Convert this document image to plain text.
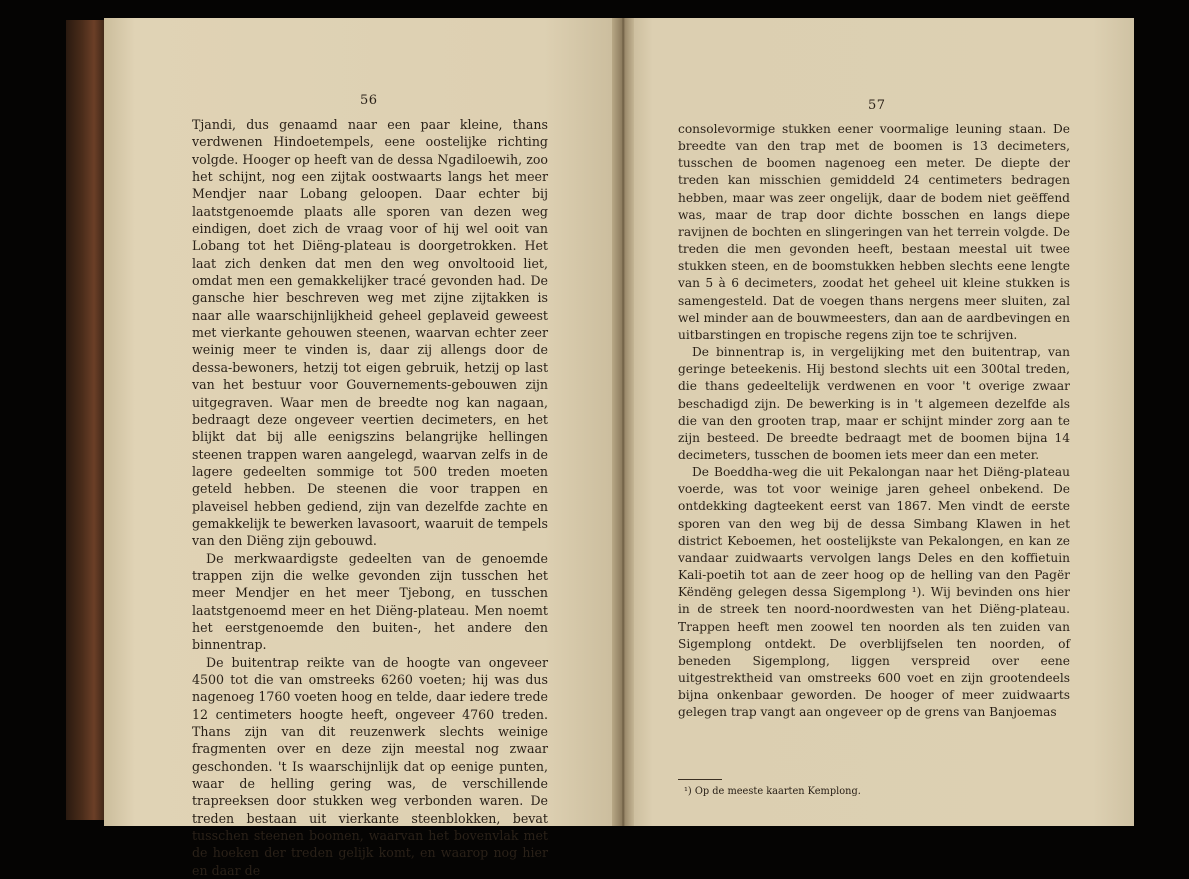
56

Tjandi, dus genaamd naar een paar kleine, thans verdwenen Hindoetempels, eene oostelijke richting volgde. Hooger op heeft van de dessa Ngadiloewih, zoo het schijnt, nog een zijtak oostwaarts langs het meer Mendjer naar Lobang geloopen. Daar echter bij laatstgenoemde plaats alle sporen van dezen weg eindigen, doet zich de vraag voor of hij wel ooit van Lobang tot het Diëng-plateau is doorgetrokken. Het laat zich denken dat men den weg onvoltooid liet, omdat men een gemakkelijker tracé gevonden had. De gansche hier beschreven weg met zijne zijtakken is naar alle waarschijnlijkheid geheel geplaveid geweest met vierkante gehouwen steenen, waarvan echter zeer weinig meer te vinden is, daar zij allengs door de dessa-bewoners, hetzij tot eigen gebruik, hetzij op last van het bestuur voor Gouvernements-gebouwen zijn uitgegraven. Waar men de breedte nog kan nagaan, bedraagt deze ongeveer veertien decimeters, en het blijkt dat bij alle eenigszins belangrijke hellingen steenen trappen waren aangelegd, waarvan zelfs in de lagere gedeelten sommige tot 500 treden moeten geteld hebben. De steenen die voor trappen en plaveisel hebben gediend, zijn van dezelfde zachte en gemakkelijk te bewerken lavasoort, waaruit de tempels van den Diëng zijn gebouwd.

De merkwaardigste gedeelten van de genoemde trappen zijn die welke gevonden zijn tusschen het meer Mendjer en het meer Tjebong, en tusschen laatstgenoemd meer en het Diëng-plateau. Men noemt het eerstgenoemde den buiten-, het andere den binnentrap.

De buitentrap reikte van de hoogte van ongeveer 4500 tot die van omstreeks 6260 voeten; hij was dus nagenoeg 1760 voeten hoog en telde, daar iedere trede 12 centimeters hoogte heeft, ongeveer 4760 treden. Thans zijn van dit reuzenwerk slechts weinige fragmenten over en deze zijn meestal nog zwaar geschonden. 't Is waarschijnlijk dat op eenige punten, waar de helling gering was, de verschillende trapreeksen door stukken weg verbonden waren. De treden bestaan uit vierkante steenblokken, bevat tusschen steenen boomen, waarvan het bovenvlak met de hoeken der treden gelijk komt, en waarop nog hier en daar de

57

consolevormige stukken eener voormalige leuning staan. De breedte van den trap met de boomen is 13 decimeters, tusschen de boomen nagenoeg een meter. De diepte der treden kan misschien gemiddeld 24 centimeters bedragen hebben, maar was zeer ongelijk, daar de bodem niet geëffend was, maar de trap door dichte bosschen en langs diepe ravijnen de bochten en slingeringen van het terrein volgde. De treden die men gevonden heeft, bestaan meestal uit twee stukken steen, en de boomstukken hebben slechts eene lengte van 5 à 6 decimeters, zoodat het geheel uit kleine stukken is samengesteld. Dat de voegen thans nergens meer sluiten, zal wel minder aan de bouwmeesters, dan aan de aardbevingen en uitbarstingen en tropische regens zijn toe te schrijven.

De binnentrap is, in vergelijking met den buitentrap, van geringe beteekenis. Hij bestond slechts uit een 300tal treden, die thans gedeeltelijk verdwenen en voor 't overige zwaar beschadigd zijn. De bewerking is in 't algemeen dezelfde als die van den grooten trap, maar er schijnt minder zorg aan te zijn besteed. De breedte bedraagt met de boomen bijna 14 decimeters, tusschen de boomen iets meer dan een meter.

De Boeddha-weg die uit Pekalongan naar het Diëng-plateau voerde, was tot voor weinige jaren geheel onbekend. De ontdekking dagteekent eerst van 1867. Men vindt de eerste sporen van den weg bij de dessa Simbang Klawen in het district Keboemen, het oostelijkste van Pekalongen, en kan ze vandaar zuidwaarts vervolgen langs Deles en den koffietuin Kali-poetih tot aan de zeer hoog op de helling van den Pagër Këndëng gelegen dessa Sigemplong ¹). Wij bevinden ons hier in de streek ten noord-noordwesten van het Diëng-plateau. Trappen heeft men zoowel ten noorden als ten zuiden van Sigemplong ontdekt. De overblijfselen ten noorden, of beneden Sigemplong, liggen verspreid over eene uitgestrektheid van omstreeks 600 voet en zijn grootendeels bijna onkenbaar geworden. De hooger of meer zuidwaarts gelegen trap vangt aan ongeveer op de grens van Banjoemas

¹) Op de meeste kaarten Kemplong.
